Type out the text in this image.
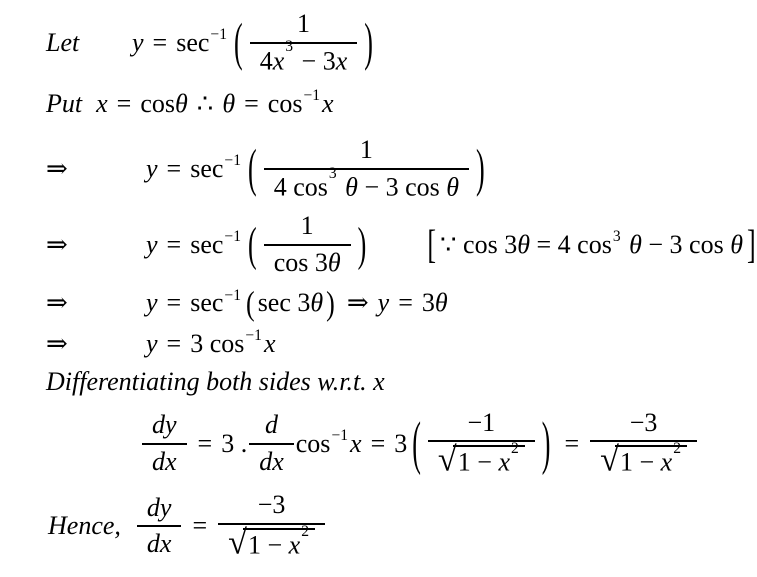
Let	$y = \sec^{-1}$ ( $\frac{1}{4x^3 - 3x}$ )
Put x = cos θ ∴ $\theta = \cos^{-1} x$
⇒	$y = \sec^{-1}$ ( $\frac{1}{4 \cos^3 \theta - 3 \cos \theta}$ )
⇒	$y = \sec^{-1}$ ( $\frac{1}{\cos 3\theta}$ ) [ ∵ cos 3 θ = 4 $\cos^3 \theta - 3$ cos θ ]
⇒	$y = \sec^{-1}$ ( sec 3 θ ) ⇒ y = 3 θ
⇒	y = 3 $\cos^{-1} x$
Differentiating both sides w.r.t. x
$\frac{dy}{dx} = 3$ . $\frac{d}{dx} \cos^{-1} x = 3$ ( $\frac{-1}{√ 1 - x^2}$ ) = $\frac{-3}{√ 1 - x^2}$
Hence, $\frac{dy}{dx} = \frac{-3}{√ 1 - x^2}$
